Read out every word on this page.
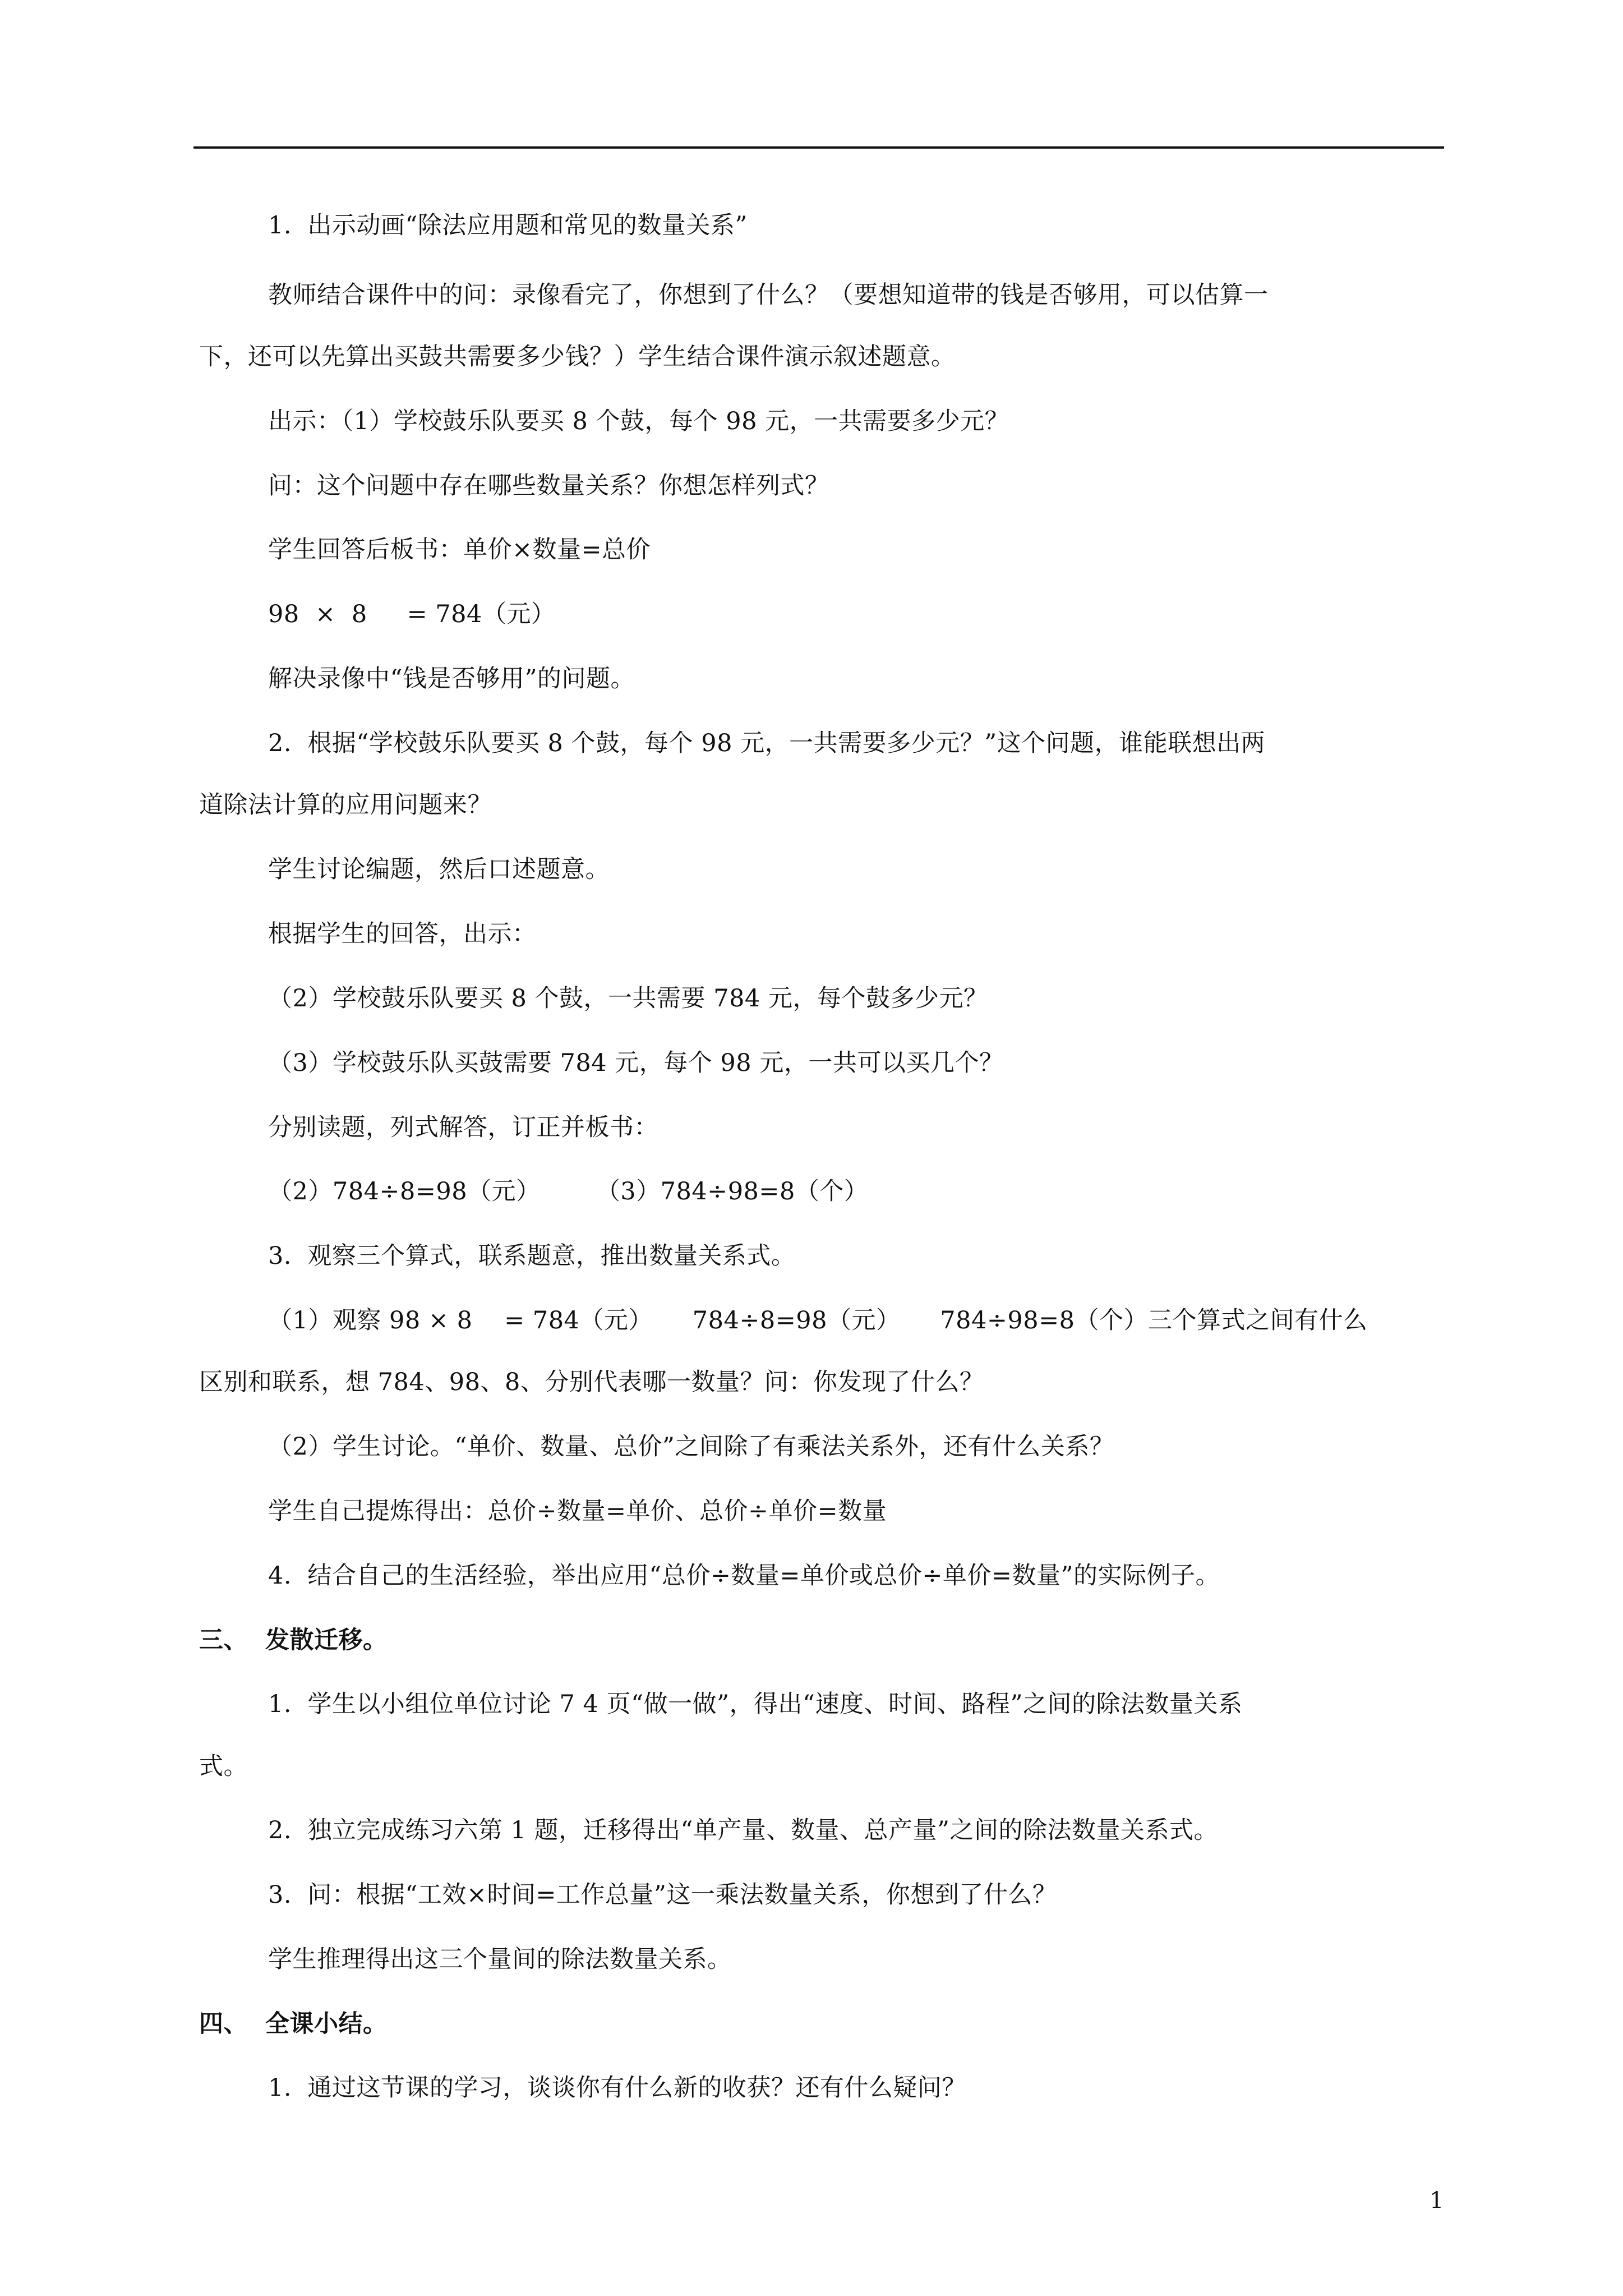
1.  出示动画“除法应用题和常见的数量关系”
教师结合课件中的问：录像看完了，你想到了什么？（要想知道带的钱是否够用，可以估算一
下，还可以先算出买鼓共需要多少钱？）学生结合课件演示叙述题意。
出示：（1）学校鼓乐队要买 8 个鼓，每个 98 元，一共需要多少元？
问：这个问题中存在哪些数量关系？你想怎样列式？
学生回答后板书：单价×数量=总价
98  ×  8     = 784（元）
解决录像中“钱是否够用”的问题。
2.  根据“学校鼓乐队要买 8 个鼓，每个 98 元，一共需要多少元？”这个问题，谁能联想出两
道除法计算的应用问题来？
学生讨论编题，然后口述题意。
根据学生的回答，出示：
（2）学校鼓乐队要买 8 个鼓，一共需要 784 元，每个鼓多少元？
（3）学校鼓乐队买鼓需要 784 元，每个 98 元，一共可以买几个？
分别读题，列式解答，订正并板书：
（2）784÷8=98（元）       （3）784÷98=8（个）
3.  观察三个算式，联系题意，推出数量关系式。
（1）观察 98 × 8    = 784（元）     784÷8=98（元）     784÷98=8（个）三个算式之间有什么
区别和联系，想 784、98、8、分别代表哪一数量？问：你发现了什么？
（2）学生讨论。“单价、数量、总价”之间除了有乘法关系外，还有什么关系？
学生自己提炼得出：总价÷数量=单价、总价÷单价=数量
4.  结合自己的生活经验，举出应用“总价÷数量=单价或总价÷单价=数量”的实际例子。
三、  发散迁移。
1.  学生以小组位单位讨论 7 4 页“做一做”，得出“速度、时间、路程”之间的除法数量关系
式。
2.  独立完成练习六第 1 题，迁移得出“单产量、数量、总产量”之间的除法数量关系式。
3.  问：根据“工效×时间=工作总量”这一乘法数量关系，你想到了什么？
学生推理得出这三个量间的除法数量关系。
四、  全课小结。
1.  通过这节课的学习，谈谈你有什么新的收获？还有什么疑问？
1
